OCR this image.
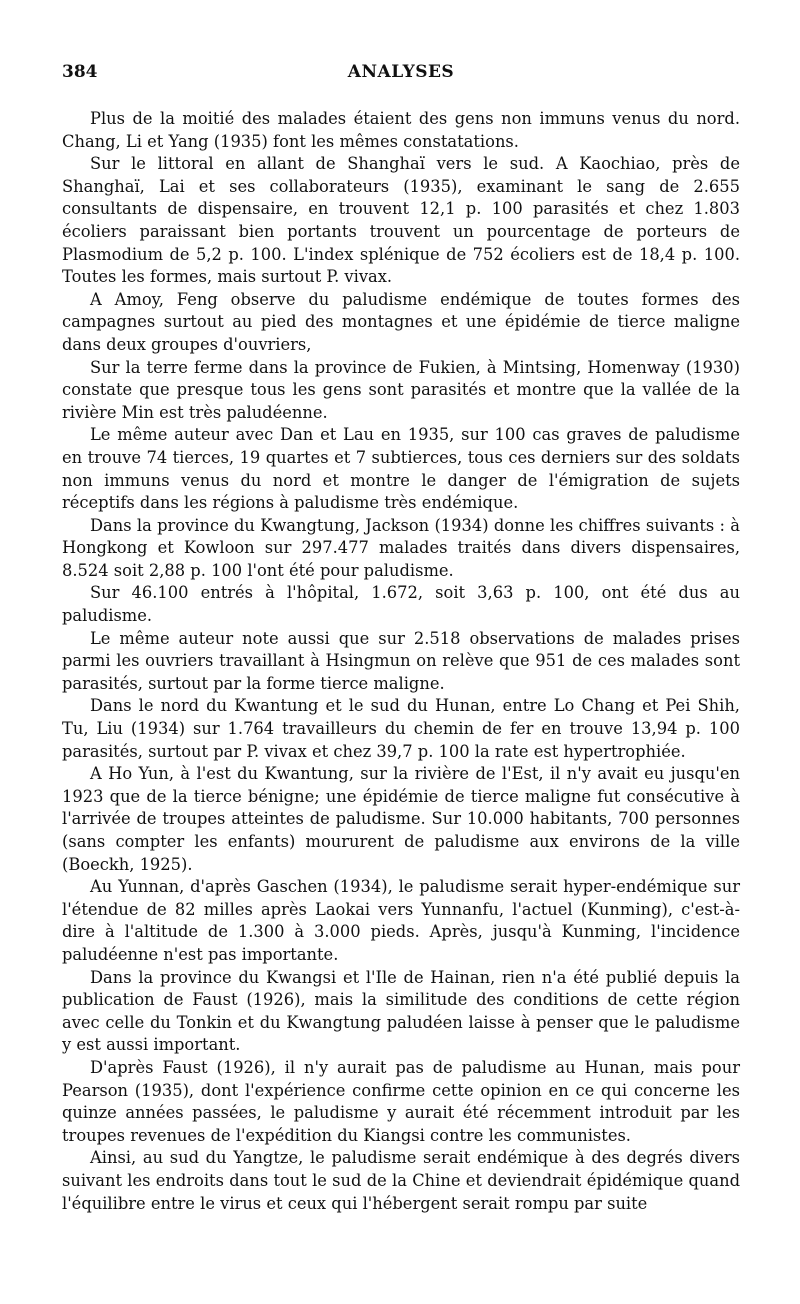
384	ANALYSES

Plus de la moitié des malades étaient des gens non immuns venus du nord. Chang, Li et Yang (1935) font les mêmes constatations.

Sur le littoral en allant de Shanghaï vers le sud. A Kaochiao, près de Shanghaï, Lai et ses collaborateurs (1935), examinant le sang de 2.655 consultants de dispensaire, en trouvent 12,1 p. 100 parasités et chez 1.803 écoliers paraissant bien portants trouvent un pourcentage de porteurs de Plasmodium de 5,2 p. 100. L'index splénique de 752 écoliers est de 18,4 p. 100. Toutes les formes, mais surtout P. vivax.

A Amoy, Feng observe du paludisme endémique de toutes formes des campagnes surtout au pied des montagnes et une épidémie de tierce maligne dans deux groupes d'ouvriers,

Sur la terre ferme dans la province de Fukien, à Mintsing, Homenway (1930) constate que presque tous les gens sont parasités et montre que la vallée de la rivière Min est très paludéenne.

Le même auteur avec Dan et Lau en 1935, sur 100 cas graves de paludisme en trouve 74 tierces, 19 quartes et 7 subtierces, tous ces derniers sur des soldats non immuns venus du nord et montre le danger de l'émigration de sujets réceptifs dans les régions à paludisme très endémique.

Dans la province du Kwangtung, Jackson (1934) donne les chiffres suivants : à Hongkong et Kowloon sur 297.477 malades traités dans divers dispensaires, 8.524 soit 2,88 p. 100 l'ont été pour paludisme.

Sur 46.100 entrés à l'hôpital, 1.672, soit 3,63 p. 100, ont été dus au paludisme.

Le même auteur note aussi que sur 2.518 observations de malades prises parmi les ouvriers travaillant à Hsingmun on relève que 951 de ces malades sont parasités, surtout par la forme tierce maligne.

Dans le nord du Kwantung et le sud du Hunan, entre Lo Chang et Pei Shih, Tu, Liu (1934) sur 1.764 travailleurs du chemin de fer en trouve 13,94 p. 100 parasités, surtout par P. vivax et chez 39,7 p. 100 la rate est hypertrophiée.

A Ho Yun, à l'est du Kwantung, sur la rivière de l'Est, il n'y avait eu jusqu'en 1923 que de la tierce bénigne; une épidémie de tierce maligne fut consécutive à l'arrivée de troupes atteintes de paludisme. Sur 10.000 habitants, 700 personnes (sans compter les enfants) moururent de paludisme aux environs de la ville (Boeckh, 1925).

Au Yunnan, d'après Gaschen (1934), le paludisme serait hyper-endémique sur l'étendue de 82 milles après Laokai vers Yunnanfu, l'actuel (Kunming), c'est-à-dire à l'altitude de 1.300 à 3.000 pieds. Après, jusqu'à Kunming, l'incidence paludéenne n'est pas importante.

Dans la province du Kwangsi et l'Ile de Hainan, rien n'a été publié depuis la publication de Faust (1926), mais la similitude des conditions de cette région avec celle du Tonkin et du Kwangtung paludéen laisse à penser que le paludisme y est aussi important.

D'après Faust (1926), il n'y aurait pas de paludisme au Hunan, mais pour Pearson (1935), dont l'expérience confirme cette opinion en ce qui concerne les quinze années passées, le paludisme y aurait été récemment introduit par les troupes revenues de l'expédition du Kiangsi contre les communistes.

Ainsi, au sud du Yangtze, le paludisme serait endémique à des degrés divers suivant les endroits dans tout le sud de la Chine et deviendrait épidémique quand l'équilibre entre le virus et ceux qui l'hébergent serait rompu par suite
